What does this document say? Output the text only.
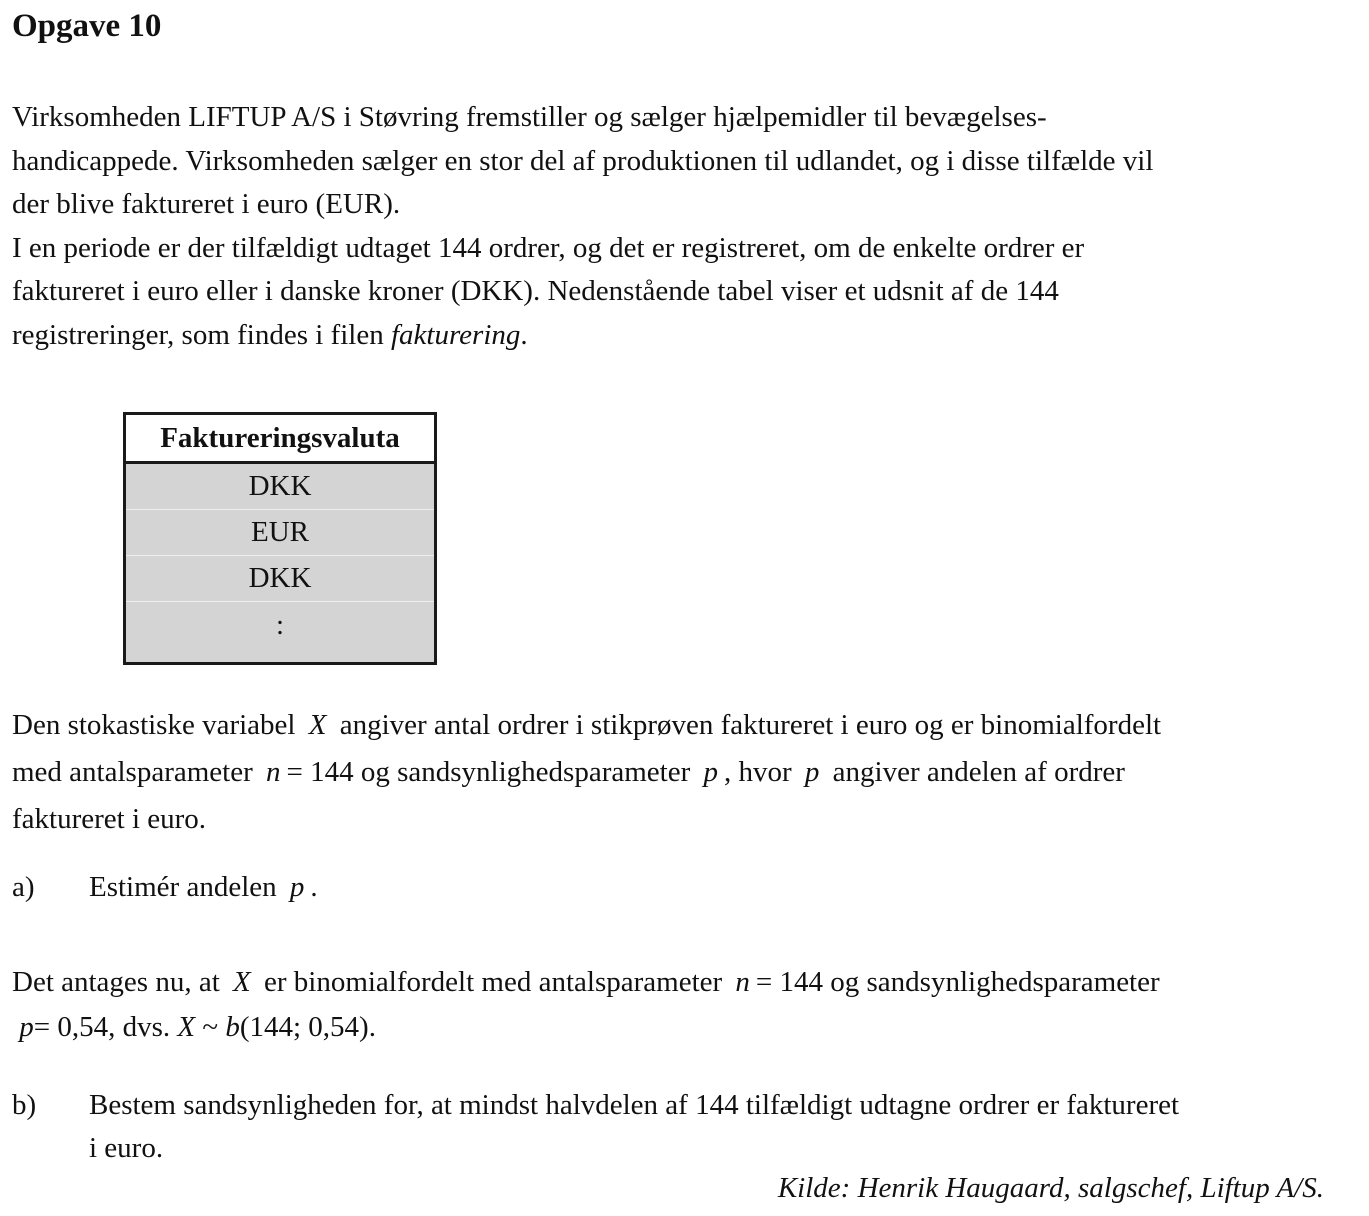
Opgave 10

Virksomheden LIFTUP A/S i Støvring fremstiller og sælger hjælpemidler til bevægelses-

handicappede. Virksomheden sælger en stor del af produktionen til udlandet, og i disse tilfælde vil

der blive faktureret i euro (EUR).

I en periode er der tilfældigt udtaget 144 ordrer, og det er registreret, om de enkelte ordrer er

faktureret i euro eller i danske kroner (DKK). Nedenstående tabel viser et udsnit af de 144

registreringer, som findes i filen fakturering.

Faktureringsvaluta
DKK
EUR
DKK
:

Den stokastiske variabel X angiver antal ordrer i stikprøven faktureret i euro og er binomialfordelt

med antalsparameter n = 144 og sandsynlighedsparameter p , hvor p angiver andelen af ordrer

faktureret i euro.

a) Estimér andelen p .

Det antages nu, at X er binomialfordelt med antalsparameter n = 144 og sandsynlighedsparameter

p= 0,54, dvs. X ~ b(144; 0,54).

b) Bestem sandsynligheden for, at mindst halvdelen af 144 tilfældigt udtagne ordrer er faktureret
i euro.
Kilde: Henrik Haugaard, salgschef, Liftup A/S.
